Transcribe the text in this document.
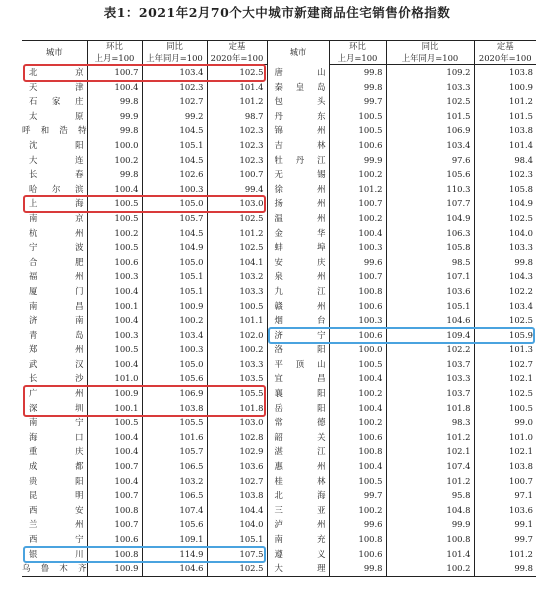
表1：2021年2月70个大中城市新建商品住宅销售价格指数
城市	环比	同比	定基	城市	环比	同比	定基
	上月=100	上年同月=100	2020年=100		上月=100	上年同月=100	2020年=100
北京	100.7	103.4	102.5	唐山	99.8	109.2	103.8
天津	100.4	102.3	101.4	秦皇岛	99.8	103.3	100.9
石家庄	99.8	102.7	101.2	包头	99.7	102.5	101.2
太原	99.9	99.2	98.7	丹东	100.5	101.5	101.5
呼和浩特	99.8	104.5	102.3	锦州	100.5	106.9	103.8
沈阳	100.0	105.1	102.3	吉林	100.6	103.4	101.4
大连	100.2	104.5	102.3	牡丹江	99.9	97.6	98.4
长春	99.8	102.6	100.7	无锡	100.2	105.6	102.3
哈尔滨	100.4	100.3	99.4	徐州	101.2	110.3	105.8
上海	100.5	105.0	103.0	扬州	100.7	107.7	104.9
南京	100.5	105.7	102.5	温州	100.2	104.9	102.5
杭州	100.2	104.5	101.2	金华	100.4	106.3	104.0
宁波	100.5	104.9	102.5	蚌埠	100.3	105.8	103.3
合肥	100.6	105.0	104.1	安庆	99.6	98.5	99.8
福州	100.3	105.1	103.2	泉州	100.7	107.1	104.3
厦门	100.4	105.1	103.3	九江	100.8	103.6	102.2
南昌	100.1	100.9	100.5	赣州	100.6	105.1	103.4
济南	100.4	100.2	101.1	烟台	100.3	104.6	102.5
青岛	100.3	103.4	102.0	济宁	100.6	109.4	105.9
郑州	100.5	100.3	100.2	洛阳	100.0	102.2	101.3
武汉	100.4	105.0	103.3	平顶山	100.5	103.7	102.7
长沙	101.0	105.6	103.5	宜昌	100.4	103.3	102.1
广州	100.9	106.9	105.5	襄阳	100.2	103.7	102.5
深圳	100.1	103.8	101.8	岳阳	100.4	101.8	100.5
南宁	100.5	105.5	103.0	常德	100.2	98.3	99.0
海口	100.4	101.6	102.8	韶关	100.6	101.2	101.0
重庆	100.4	105.7	102.9	湛江	100.8	102.1	102.1
成都	100.7	106.5	103.6	惠州	100.4	107.4	103.8
贵阳	100.4	103.2	102.7	桂林	100.5	101.2	100.7
昆明	100.7	106.5	103.8	北海	99.7	95.8	97.1
西安	100.8	107.4	104.4	三亚	100.2	104.8	103.6
兰州	100.7	105.6	104.0	泸州	99.6	99.9	99.1
西宁	100.6	109.1	105.1	南充	100.8	100.8	99.7
银川	100.8	114.9	107.5	遵义	100.6	101.4	101.2
乌鲁木齐	100.9	104.6	102.5	大理	99.8	100.2	99.8
